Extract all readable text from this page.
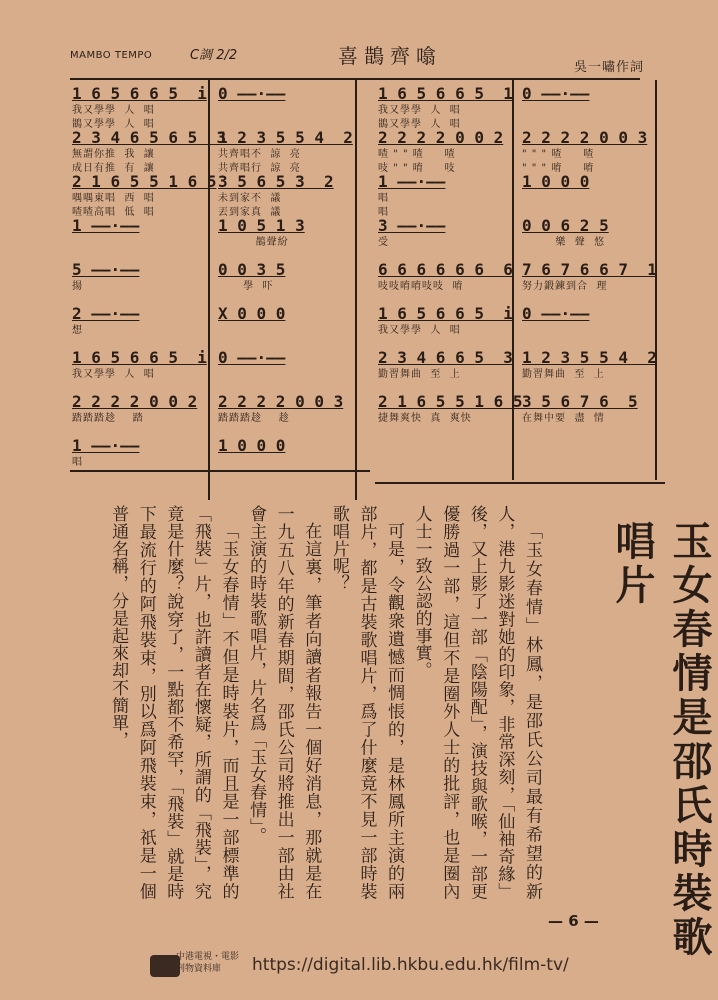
MAMBO TEMPO	C調 2/2	喜鵲齊噏	吳一嘯作詞
1 6 5 6 6 5  i
我又學學  人  唱
鵲又學學  人  唱
0 ——·——
2 3 4 6 5 6 5  3
無謂你推  我  讓
成日有推  有  讓
1 2 3 5 5 4  2
共齊唱不  諒  亮
共齊唱行  諒  亮
2 1 6 5 5 1 6 5
喁喁東唱  西  唱
喳喳高唱  低  唱
3 5 6 5 3  2
未到家不  議
丟到家真  議
1 ——·——	1 0 5 1 3
鵲聲紛
5 ——·——
揚
0 0 3 5
學  吓
2 ——·——
想
X 0 0 0
1 6 5 6 6 5  i
我又學學  人  唱
0 ——·——
2 2 2 2 0 0 2
踏踏踏趁    踏
2 2 2 2 0 0 3
踏踏踏趁    趁
1 ——·——
唱
1 0 0 0
1 6 5 6 6 5  1
我又學學  人  唱
鵲又學學  人  唱
0 ——·——
2 2 2 2 0 0 2
喳 " " 喳     喳
吱 " " 唷     吱
2 2 2 2 0 0 3
" " " 喳     喳
" " " 唷     唷
1 ——·——
唱
唱
1 0 0 0
3 ——·——
受
0 0 6 2 5
樂  聲  悠
6 6 6 6 6 6  6
吱吱唷唷吱吱  唷
7 6 7 6 6 7  1
努力鍛鍊到合  理
1 6 5 6 6 5  i
我又學學  人  唱
0 ——·——
2 3 4 6 6 5  3
勤習舞曲  至  上
1 2 3 5 5 4  2
勤習舞曲  至  上
2 1 6 5 5 1 6 5
捷舞爽快  真  爽快
3 5 6 7 6  5
在舞中要  盡  情
玉女春情是邵氏時裝歌唱片

「玉女春情」林鳳，是邵氏公司最有希望的新人，港九影迷對她的印象，非常深刻，「仙袖奇緣」後，又上影了一部「陰陽配」，演技與歌喉，一部更優勝過一部，這但不是圈外人士的批評，也是圈內人士一致公認的事實。

可是，令觀衆遺憾而惆悵的，是林鳳所主演的兩部片，都是古裝歌唱片，爲了什麼竟不見一部時裝歌唱片呢？

在這裏，筆者向讀者報告一個好消息，那就是在一九五八年的新春期間，邵氏公司將推出一部由社會主演的時裝歌唱片，片名爲「玉女春情」。

「玉女春情」不但是時裝片，而且是一部標準的「飛裝」片，也許讀者在懷疑，所謂的「飛裝」，究竟是什麼？說穿了，一點都不希罕，「飛裝」就是時下最流行的阿飛裝束，別以爲阿飛裝束，祇是一個普通名稱，分是起來却不簡單，

— 6 —
中港電視・電影刊物資料庫	https://digital.lib.hkbu.edu.hk/film-tv/
